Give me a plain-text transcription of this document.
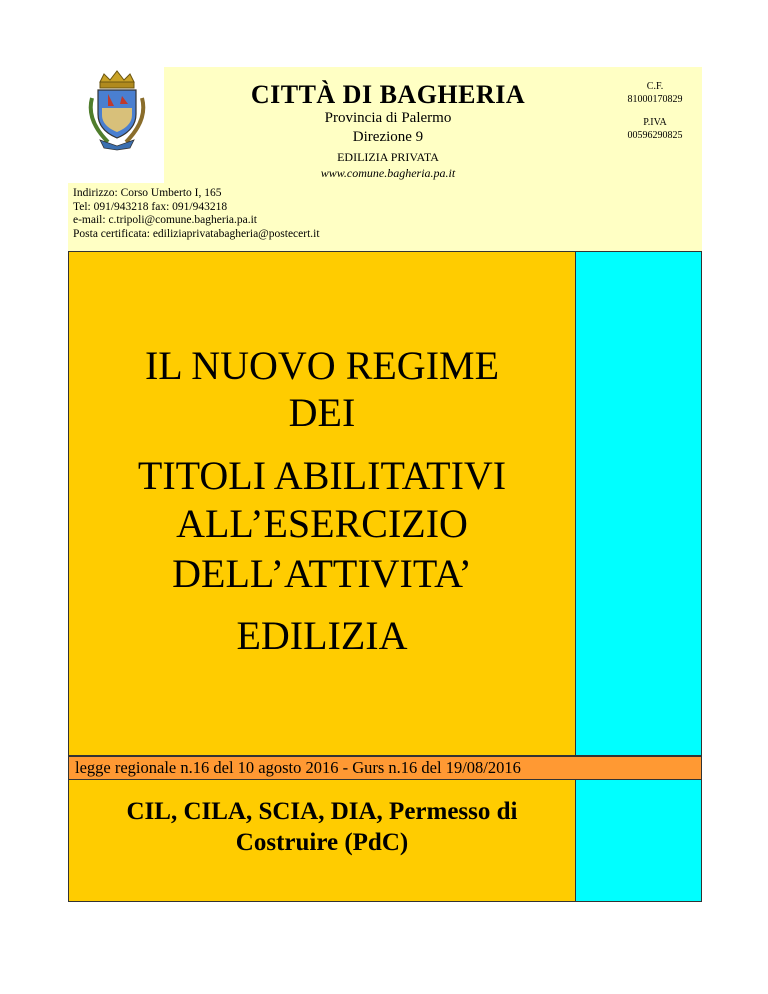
CITTÀ DI BAGHERIA
Provincia di Palermo
Direzione 9
EDILIZIA PRIVATA
www.comune.bagheria.pa.it
C.F.
81000170829
P.IVA
00596290825
Indirizzo: Corso Umberto I, 165
Tel: 091/943218 fax: 091/943218
e-mail: c.tripoli@comune.bagheria.pa.it
Posta certificata: ediliziaprivatabagheria@postecert.it
IL NUOVO REGIME
DEI
TITOLI ABILITATIVI
ALL’ESERCIZIO
DELL’ATTIVITA’
EDILIZIA
legge regionale n.16 del 10 agosto 2016 - Gurs n.16 del 19/08/2016
CIL, CILA, SCIA, DIA, Permesso di
Costruire (PdC)
